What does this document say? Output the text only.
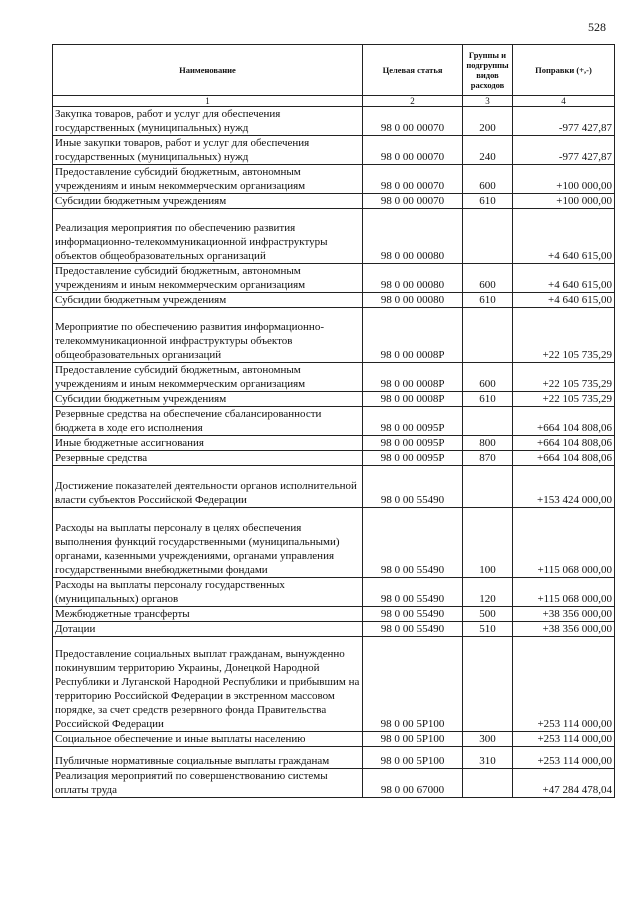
528
Наименование	Целевая статья	Группы и подгруппы видов расходов	Поправки (+,-)
1	2	3	4
Закупка товаров, работ и услуг для обеспечения государственных (муниципальных) нужд	98 0 00 00070	200	-977 427,87
Иные закупки товаров, работ и услуг для обеспечения государственных (муниципальных) нужд	98 0 00 00070	240	-977 427,87
Предоставление субсидий бюджетным, автономным учреждениям и иным некоммерческим организациям	98 0 00 00070	600	+100 000,00
Субсидии бюджетным учреждениям	98 0 00 00070	610	+100 000,00
Реализация мероприятия по обеспечению развития информационно-телекоммуникационной инфраструктуры объектов общеобразовательных организаций	98 0 00 00080		+4 640 615,00
Предоставление субсидий бюджетным, автономным учреждениям и иным некоммерческим организациям	98 0 00 00080	600	+4 640 615,00
Субсидии бюджетным учреждениям	98 0 00 00080	610	+4 640 615,00
Мероприятие по обеспечению развития информационно-телекоммуникационной инфраструктуры объектов общеобразовательных организаций	98 0 00 0008Р		+22 105 735,29
Предоставление субсидий бюджетным, автономным учреждениям и иным некоммерческим организациям	98 0 00 0008Р	600	+22 105 735,29
Субсидии бюджетным учреждениям	98 0 00 0008Р	610	+22 105 735,29
Резервные средства на обеспечение сбалансированности бюджета в ходе его исполнения	98 0 00 0095Р		+664 104 808,06
Иные бюджетные ассигнования	98 0 00 0095Р	800	+664 104 808,06
Резервные средства	98 0 00 0095Р	870	+664 104 808,06
Достижение показателей деятельности органов исполнительной власти субъектов Российской Федерации	98 0 00 55490		+153 424 000,00
Расходы на выплаты персоналу в целях обеспечения выполнения функций государственными (муниципальными) органами, казенными учреждениями, органами управления государственными внебюджетными фондами	98 0 00 55490	100	+115 068 000,00
Расходы на выплаты персоналу государственных (муниципальных) органов	98 0 00 55490	120	+115 068 000,00
Межбюджетные трансферты	98 0 00 55490	500	+38 356 000,00
Дотации	98 0 00 55490	510	+38 356 000,00
Предоставление социальных выплат гражданам, вынужденно покинувшим территорию Украины, Донецкой Народной Республики и Луганской Народной Республики и прибывшим на территорию Российской Федерации в экстренном массовом порядке, за счет средств резервного фонда Правительства Российской Федерации	98 0 00 5Р100		+253 114 000,00
Социальное обеспечение и иные выплаты населению	98 0 00 5Р100	300	+253 114 000,00
Публичные нормативные социальные выплаты гражданам	98 0 00 5Р100	310	+253 114 000,00
Реализация мероприятий по совершенствованию системы оплаты труда	98 0 00 67000		+47 284 478,04
